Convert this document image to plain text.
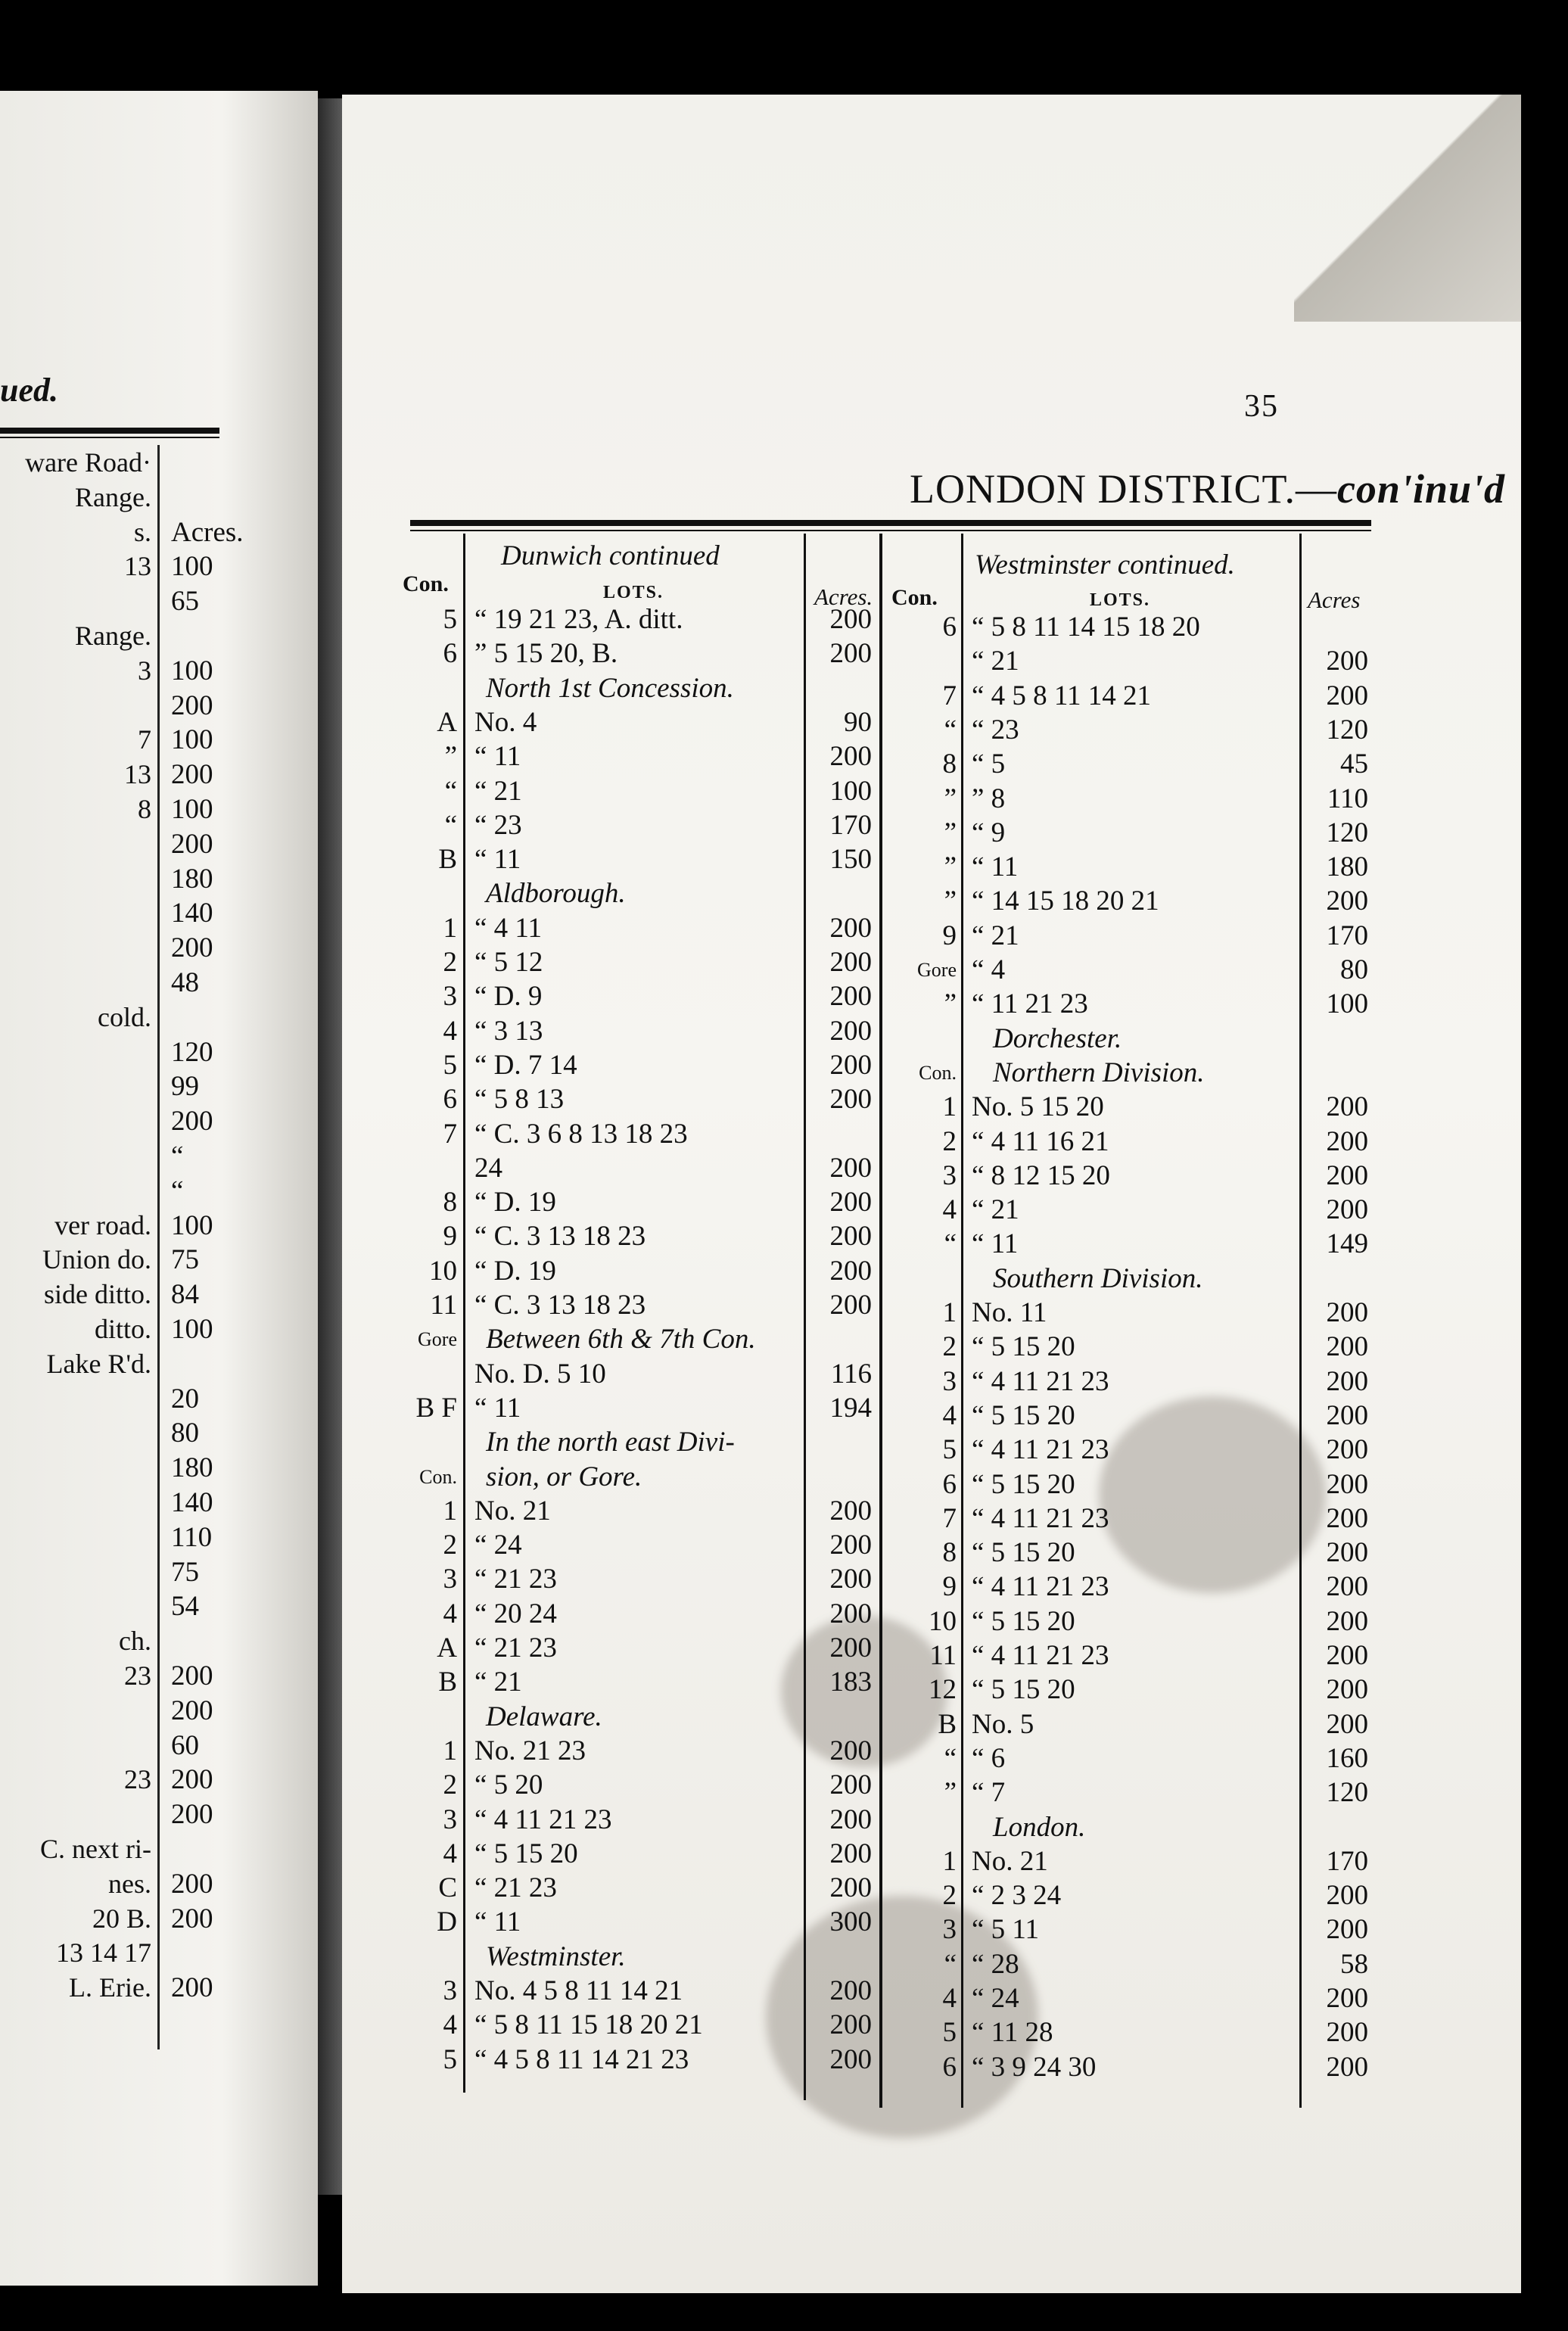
ued.
ware Road·
Range.
s. Acres.
13 100
65
Range.
3 100
200
7 100
13 200
8 100
200
180
140
200
48
cold.
120
99
200
“
“
ver road. 100
Union do. 75
side ditto. 84
ditto. 100
Lake R'd.
20
80
180
140
110
75
54
ch.
23 200
200
60
23 200
200
C. next ri-
nes. 200
20 B. 200
13 14 17
L. Erie. 200
35
LONDON DISTRICT.—con'inu'd
Dunwich continued
Con.	LOTS.	Acres.
Westminster continued.
Con.	LOTS.	Acres
5 “ 19 21 23, A. ditt.	200
6 ” 5 15 20, B.	200
North 1st Concession.
A No. 4	90
” “ 11	200
“ “ 21	100
“ “ 23	170
B “ 11	150
Aldborough.
1 “ 4 11	200
2 “ 5 12	200
3 “ D. 9	200
4 “ 3 13	200
5 “ D. 7 14	200
6 “ 5 8 13	200
7 “ C. 3 6 8 13 18 23
24	200
8 “ D. 19	200
9 “ C. 3 13 18 23	200
10 “ D. 19	200
11 “ C. 3 13 18 23	200
Gore Between 6th & 7th Con.
No. D. 5 10	116
B F “ 11	194
In the north east Divi-
Con. sion, or Gore.
1 No. 21	200
2 “ 24	200
3 “ 21 23	200
4 “ 20 24	200
A “ 21 23	200
B “ 21	183
Delaware.
1 No. 21 23	200
2 “ 5 20	200
3 “ 4 11 21 23	200
4 “ 5 15 20	200
C “ 21 23	200
D “ 11	300
Westminster.
3 No. 4 5 8 11 14 21	200
4 “ 5 8 11 15 18 20 21	200
5 “ 4 5 8 11 14 21 23	200
6 “ 5 8 11 14 15 18 20
“ 21	200
7 “ 4 5 8 11 14 21	200
“ “ 23	120
8 “ 5	45
” ” 8	110
” “ 9	120
” “ 11	180
” “ 14 15 18 20 21	200
9 “ 21	170
Gore “ 4	80
” “ 11 21 23	100
Dorchester.
Con. Northern Division.
1 No. 5 15 20	200
2 “ 4 11 16 21	200
3 “ 8 12 15 20	200
4 “ 21	200
“ “ 11	149
Southern Division.
1 No. 11	200
2 “ 5 15 20	200
3 “ 4 11 21 23	200
4 “ 5 15 20	200
5 “ 4 11 21 23	200
6 “ 5 15 20	200
7 “ 4 11 21 23	200
8 “ 5 15 20	200
9 “ 4 11 21 23	200
10 “ 5 15 20	200
11 “ 4 11 21 23	200
12 “ 5 15 20	200
B No. 5	200
“ “ 6	160
” “ 7	120
London.
1 No. 21	170
2 “ 2 3 24	200
3 “ 5 11	200
“ “ 28	58
4 “ 24	200
5 “ 11 28	200
6 “ 3 9 24 30	200
